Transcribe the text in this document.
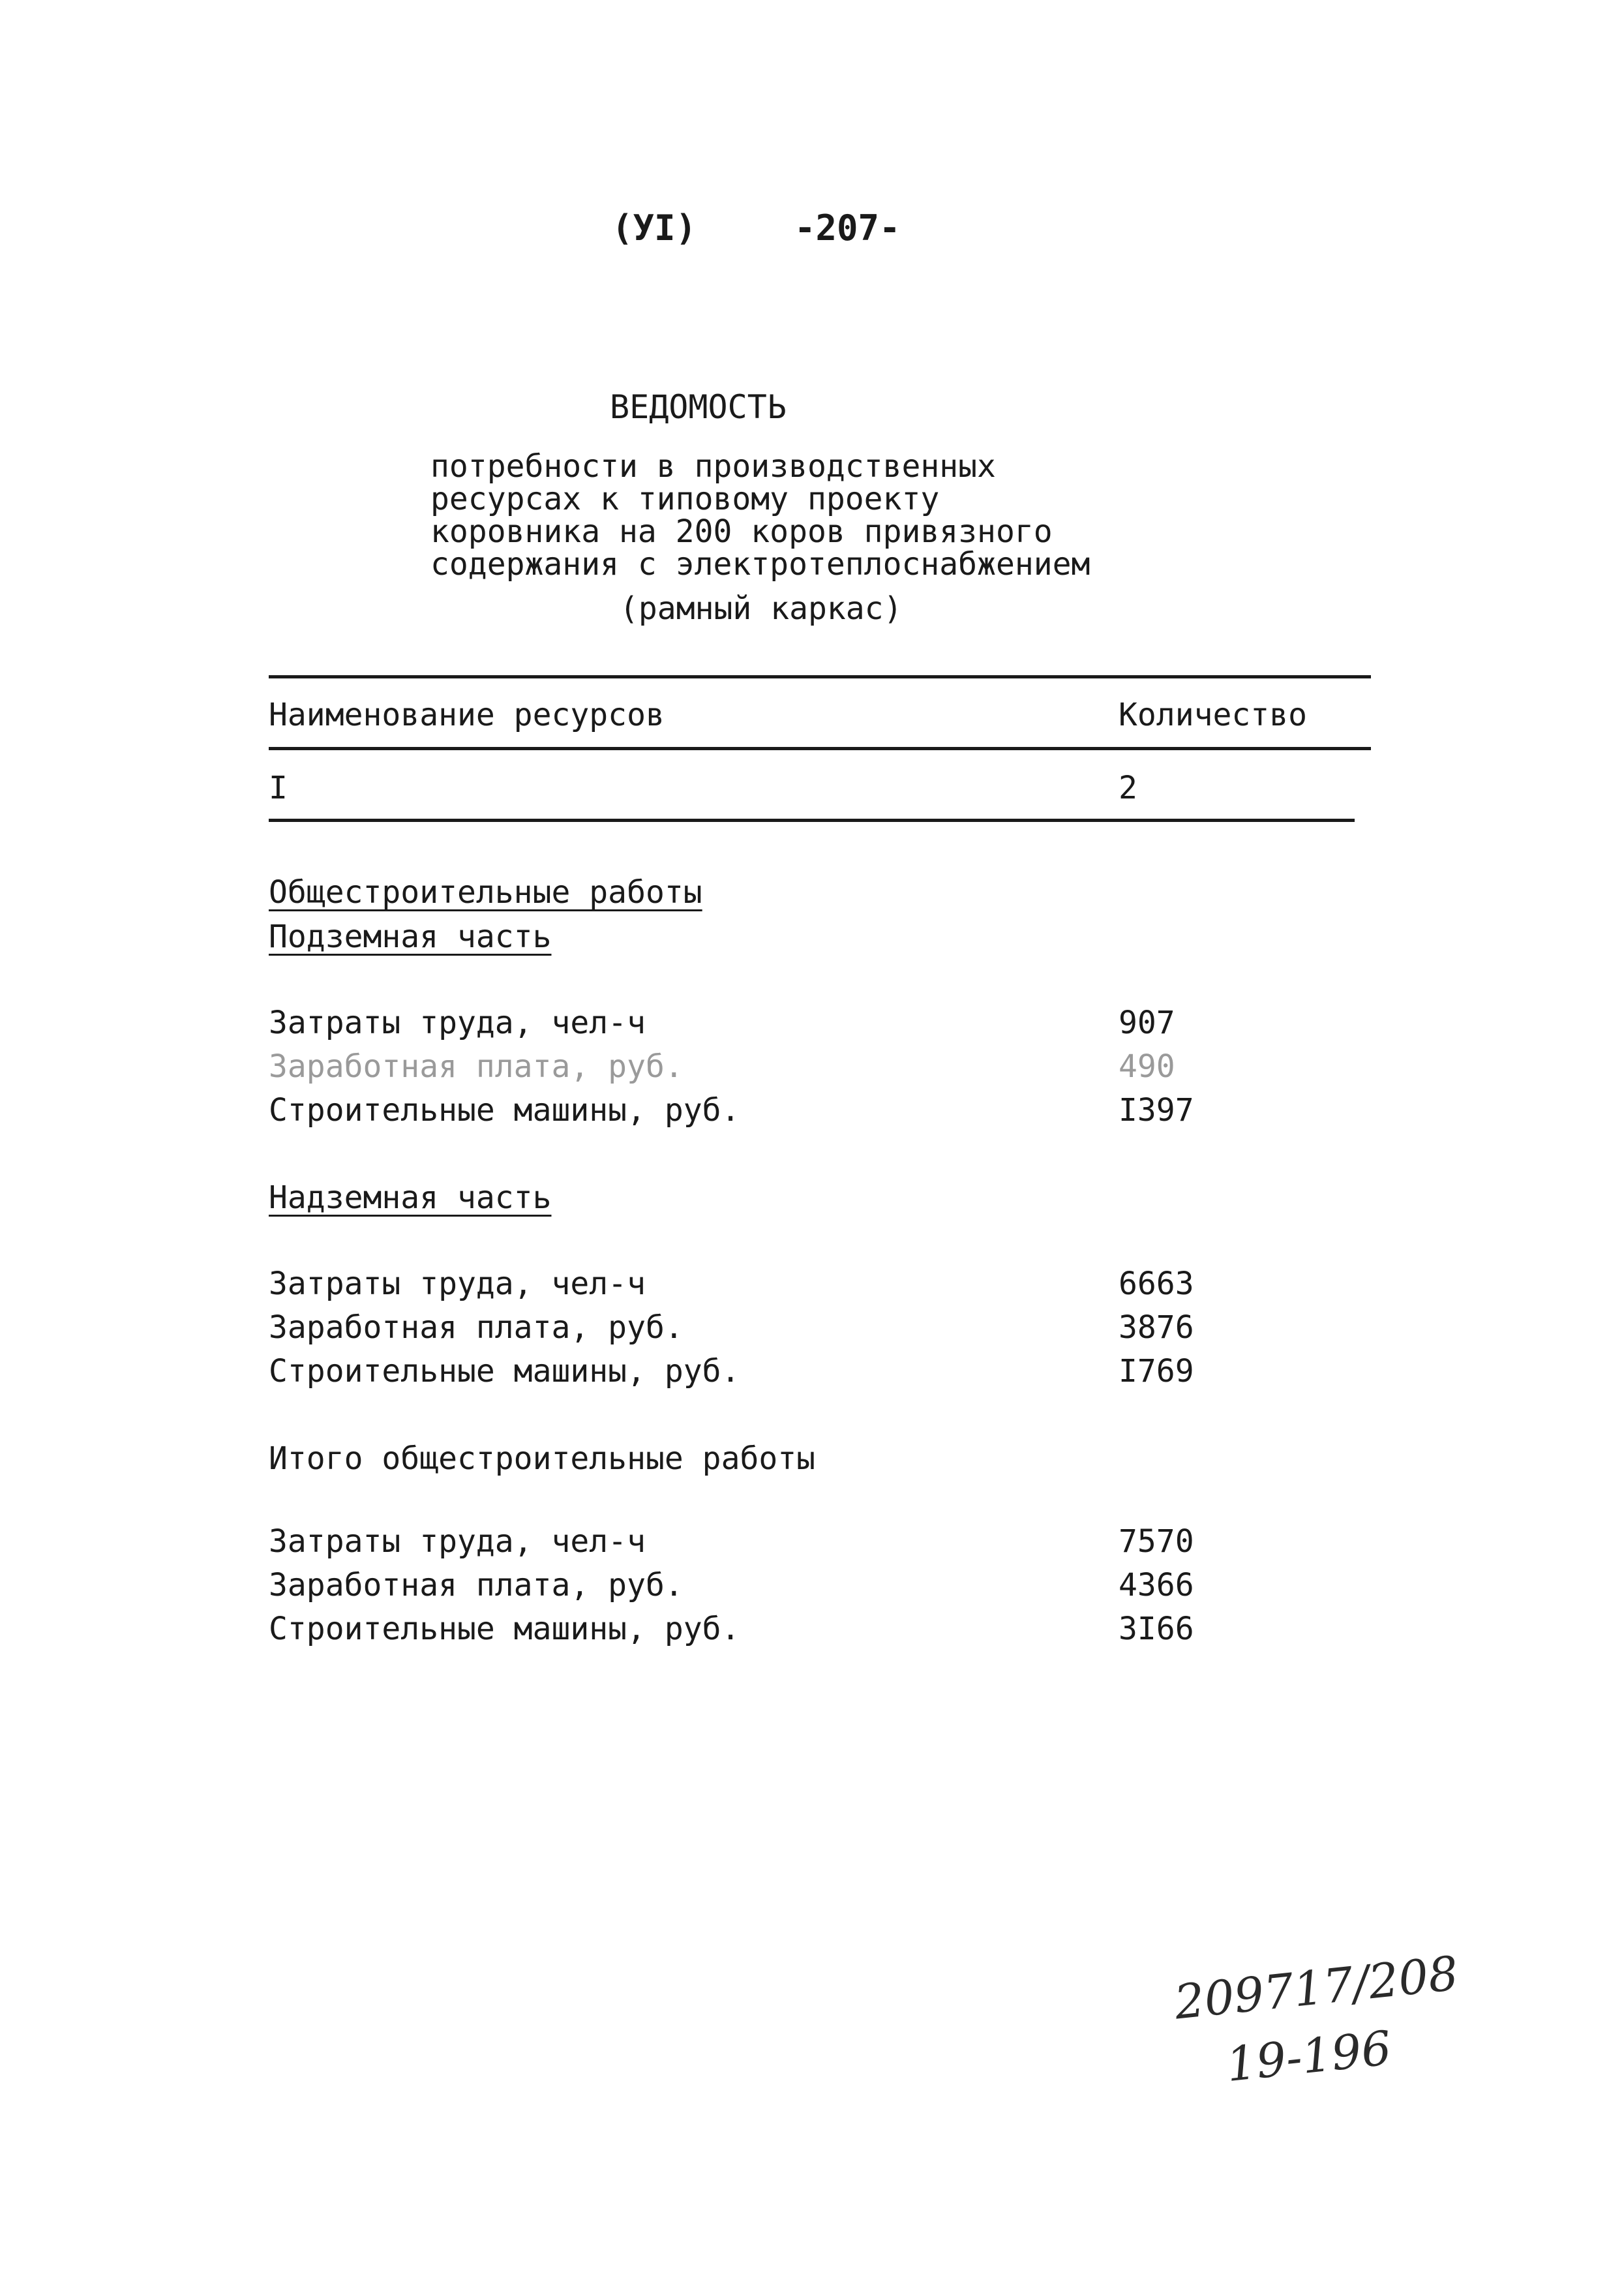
(УI)	-207-
ВЕДОМОСТЬ
потребности в производственных
ресурсах к типовому проекту
коровника на 200 коров привязного
содержания с электротеплоснабжением
(рамный каркас)
Наименование ресурсов	Количество
I	2
Общестроительные работы
Подземная часть
Затраты труда, чел-ч	907
Заработная плата, руб.	490
Строительные машины, руб.	I397
Надземная часть
Затраты труда, чел-ч	6663
Заработная плата, руб.	3876
Строительные машины, руб.	I769
Итого общестроительные работы
Затраты труда, чел-ч	7570
Заработная плата, руб.	4366
Строительные машины, руб.	3I66
209717/208
19-196
